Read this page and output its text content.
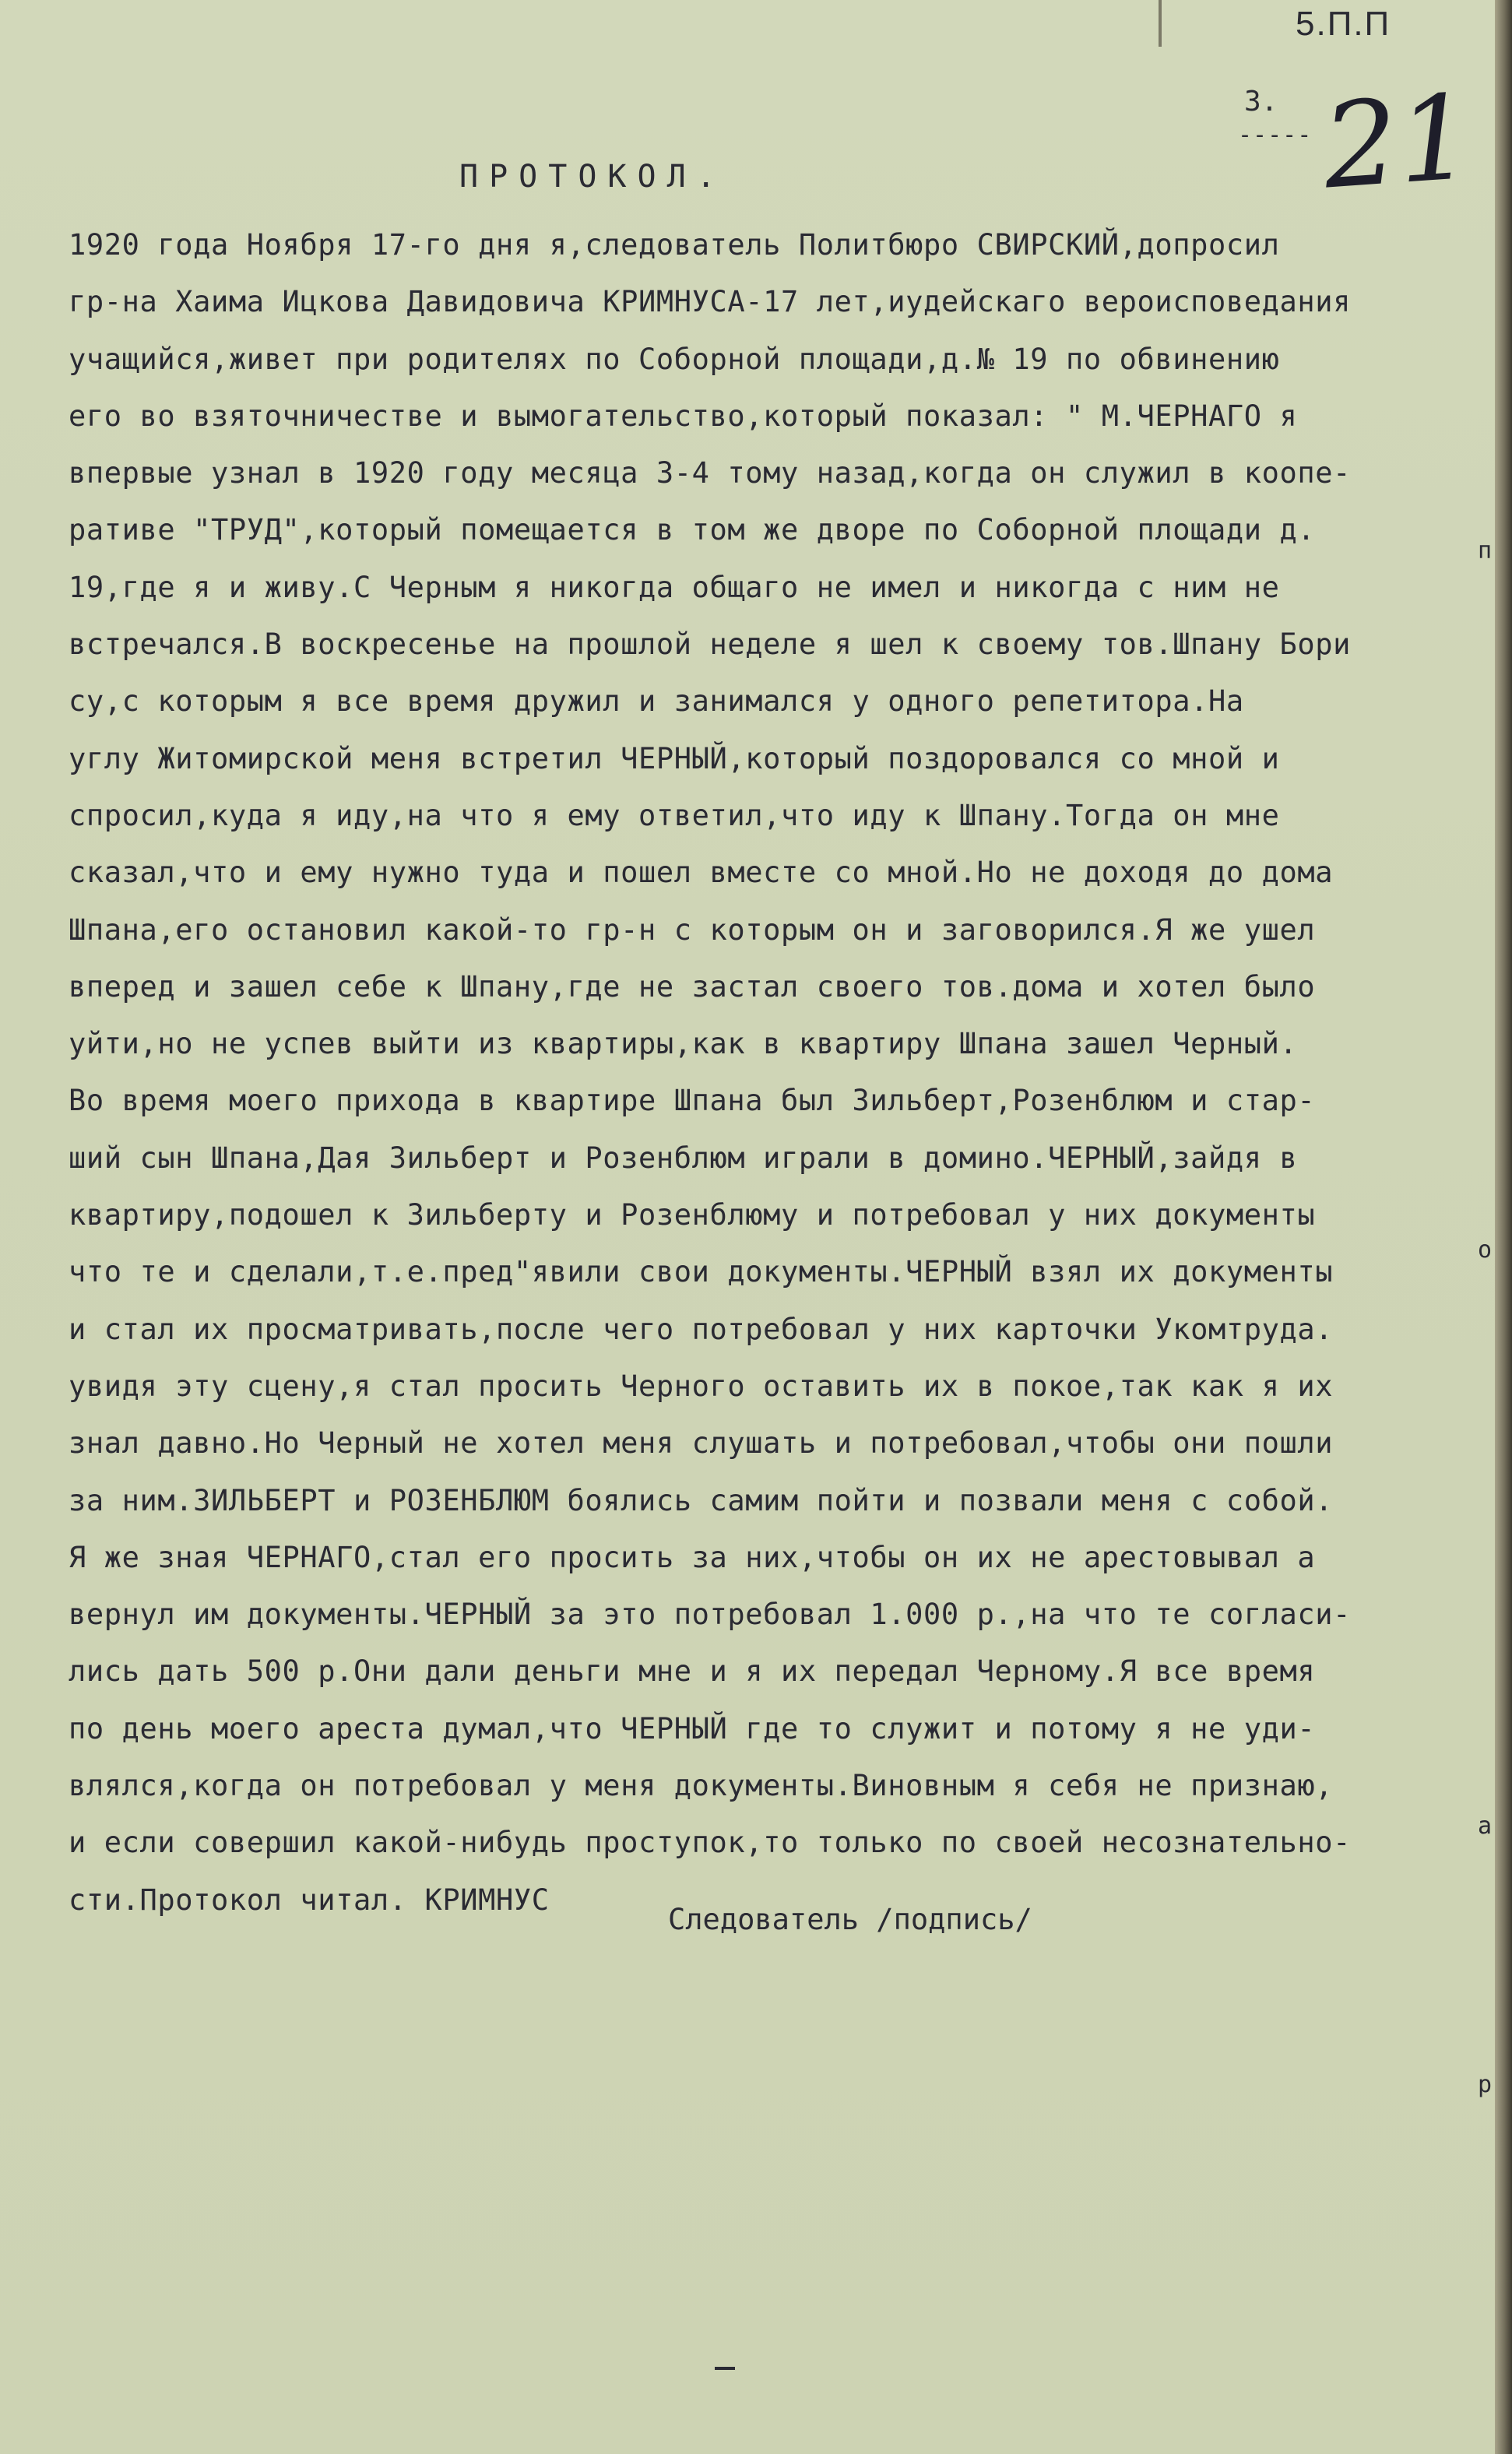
5.П.П
3.
----- 21
ПРОТОКОЛ.
1920 года Ноября 17-го дня я,следователь Политбюро СВИРСКИЙ,допросил
гр-на Хаима Ицкова Давидовича КРИМНУСА-17 лет,иудейскаго вероисповедания
учащийся,живет при родителях по Соборной площади,д.№ 19 по обвинению
его во взяточничестве и вымогательство,который показал: " М.ЧЕРНАГО я
впервые узнал в 1920 году месяца 3-4 тому назад,когда он служил в коопе-
ративе "ТРУД",который помещается в том же дворе по Соборной площади д.
19,где я и живу.С Черным я никогда общаго не имел и никогда с ним не
встречался.В воскресенье на прошлой неделе я шел к своему тов.Шпану Бори
су,с которым я все время дружил и занимался у одного репетитора.На
углу Житомирской меня встретил ЧЕРНЫЙ,который поздоровался со мной и
спросил,куда я иду,на что я ему ответил,что иду к Шпану.Тогда он мне
сказал,что и ему нужно туда и пошел вместе со мной.Но не доходя до дома
Шпана,его остановил какой-то гр-н с которым он и заговорился.Я же ушел
вперед и зашел себе к Шпану,где не застал своего тов.дома и хотел было
уйти,но не успев выйти из квартиры,как в квартиру Шпана зашел Черный.
Во время моего прихода в квартире Шпана был Зильберт,Розенблюм и стар-
ший сын Шпана,Дая Зильберт и Розенблюм играли в домино.ЧЕРНЫЙ,зайдя в
квартиру,подошел к Зильберту и Розенблюму и потребовал у них документы
что те и сделали,т.е.пред"явили свои документы.ЧЕРНЫЙ взял их документы
и стал их просматривать,после чего потребовал у них карточки Укомтруда.
увидя эту сцену,я стал просить Черного оставить их в покое,так как я их
знал давно.Но Черный не хотел меня слушать и потребовал,чтобы они пошли
за ним.ЗИЛЬБЕРТ и РОЗЕНБЛЮМ боялись самим пойти и позвали меня с собой.
Я же зная ЧЕРНАГО,стал его просить за них,чтобы он их не арестовывал а
вернул им документы.ЧЕРНЫЙ за это потребовал 1.000 р.,на что те согласи-
лись дать 500 р.Они дали деньги мне и я их передал Черному.Я все время
по день моего ареста думал,что ЧЕРНЫЙ где то служит и потому я не уди-
влялся,когда он потребовал у меня документы.Виновным я себя не признаю,
и если совершил какой-нибудь проступок,то только по своей несознательно-
сти.Протокол читал. КРИМНУС
Следователь /подпись/
п
о
а
р
